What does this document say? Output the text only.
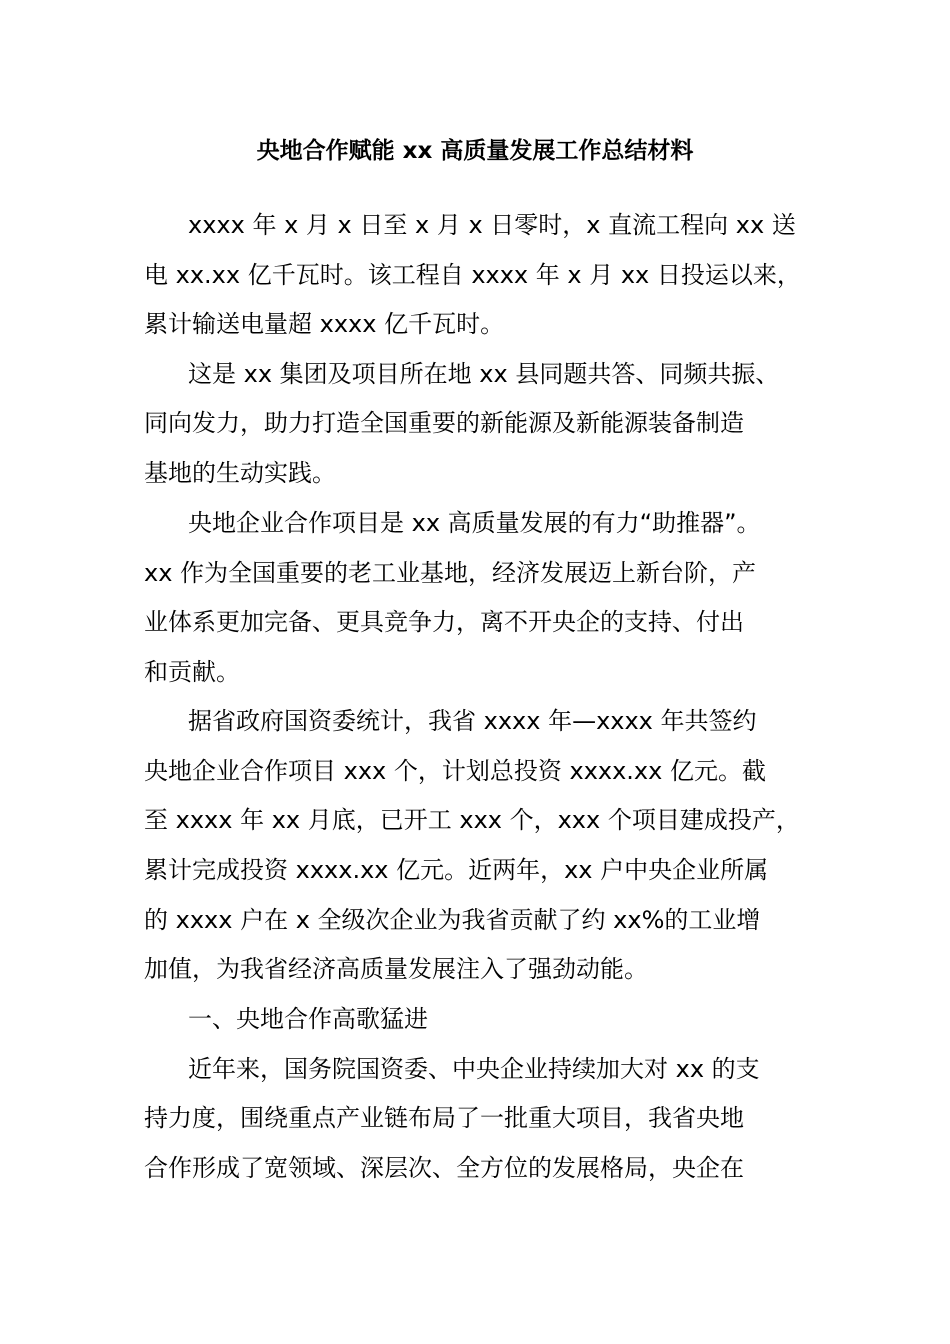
央地合作赋能 xx 高质量发展工作总结材料

xxxx 年 x 月 x 日至 x 月 x 日零时，x 直流工程向 xx 送

电 xx.xx 亿千瓦时。该工程自 xxxx 年 x 月 xx 日投运以来，

累计输送电量超 xxxx 亿千瓦时。

这是 xx 集团及项目所在地 xx 县同题共答、同频共振、

同向发力，助力打造全国重要的新能源及新能源装备制造

基地的生动实践。

央地企业合作项目是 xx 高质量发展的有力“助推器”。

xx 作为全国重要的老工业基地，经济发展迈上新台阶，产

业体系更加完备、更具竞争力，离不开央企的支持、付出

和贡献。

据省政府国资委统计，我省 xxxx 年—xxxx 年共签约

央地企业合作项目 xxx 个，计划总投资 xxxx.xx 亿元。截

至 xxxx 年 xx 月底，已开工 xxx 个，xxx 个项目建成投产，

累计完成投资 xxxx.xx 亿元。近两年，xx 户中央企业所属

的 xxxx 户在 x 全级次企业为我省贡献了约 xx%的工业增

加值，为我省经济高质量发展注入了强劲动能。

一、央地合作高歌猛进

近年来，国务院国资委、中央企业持续加大对 xx 的支

持力度，围绕重点产业链布局了一批重大项目，我省央地

合作形成了宽领域、深层次、全方位的发展格局，央企在
